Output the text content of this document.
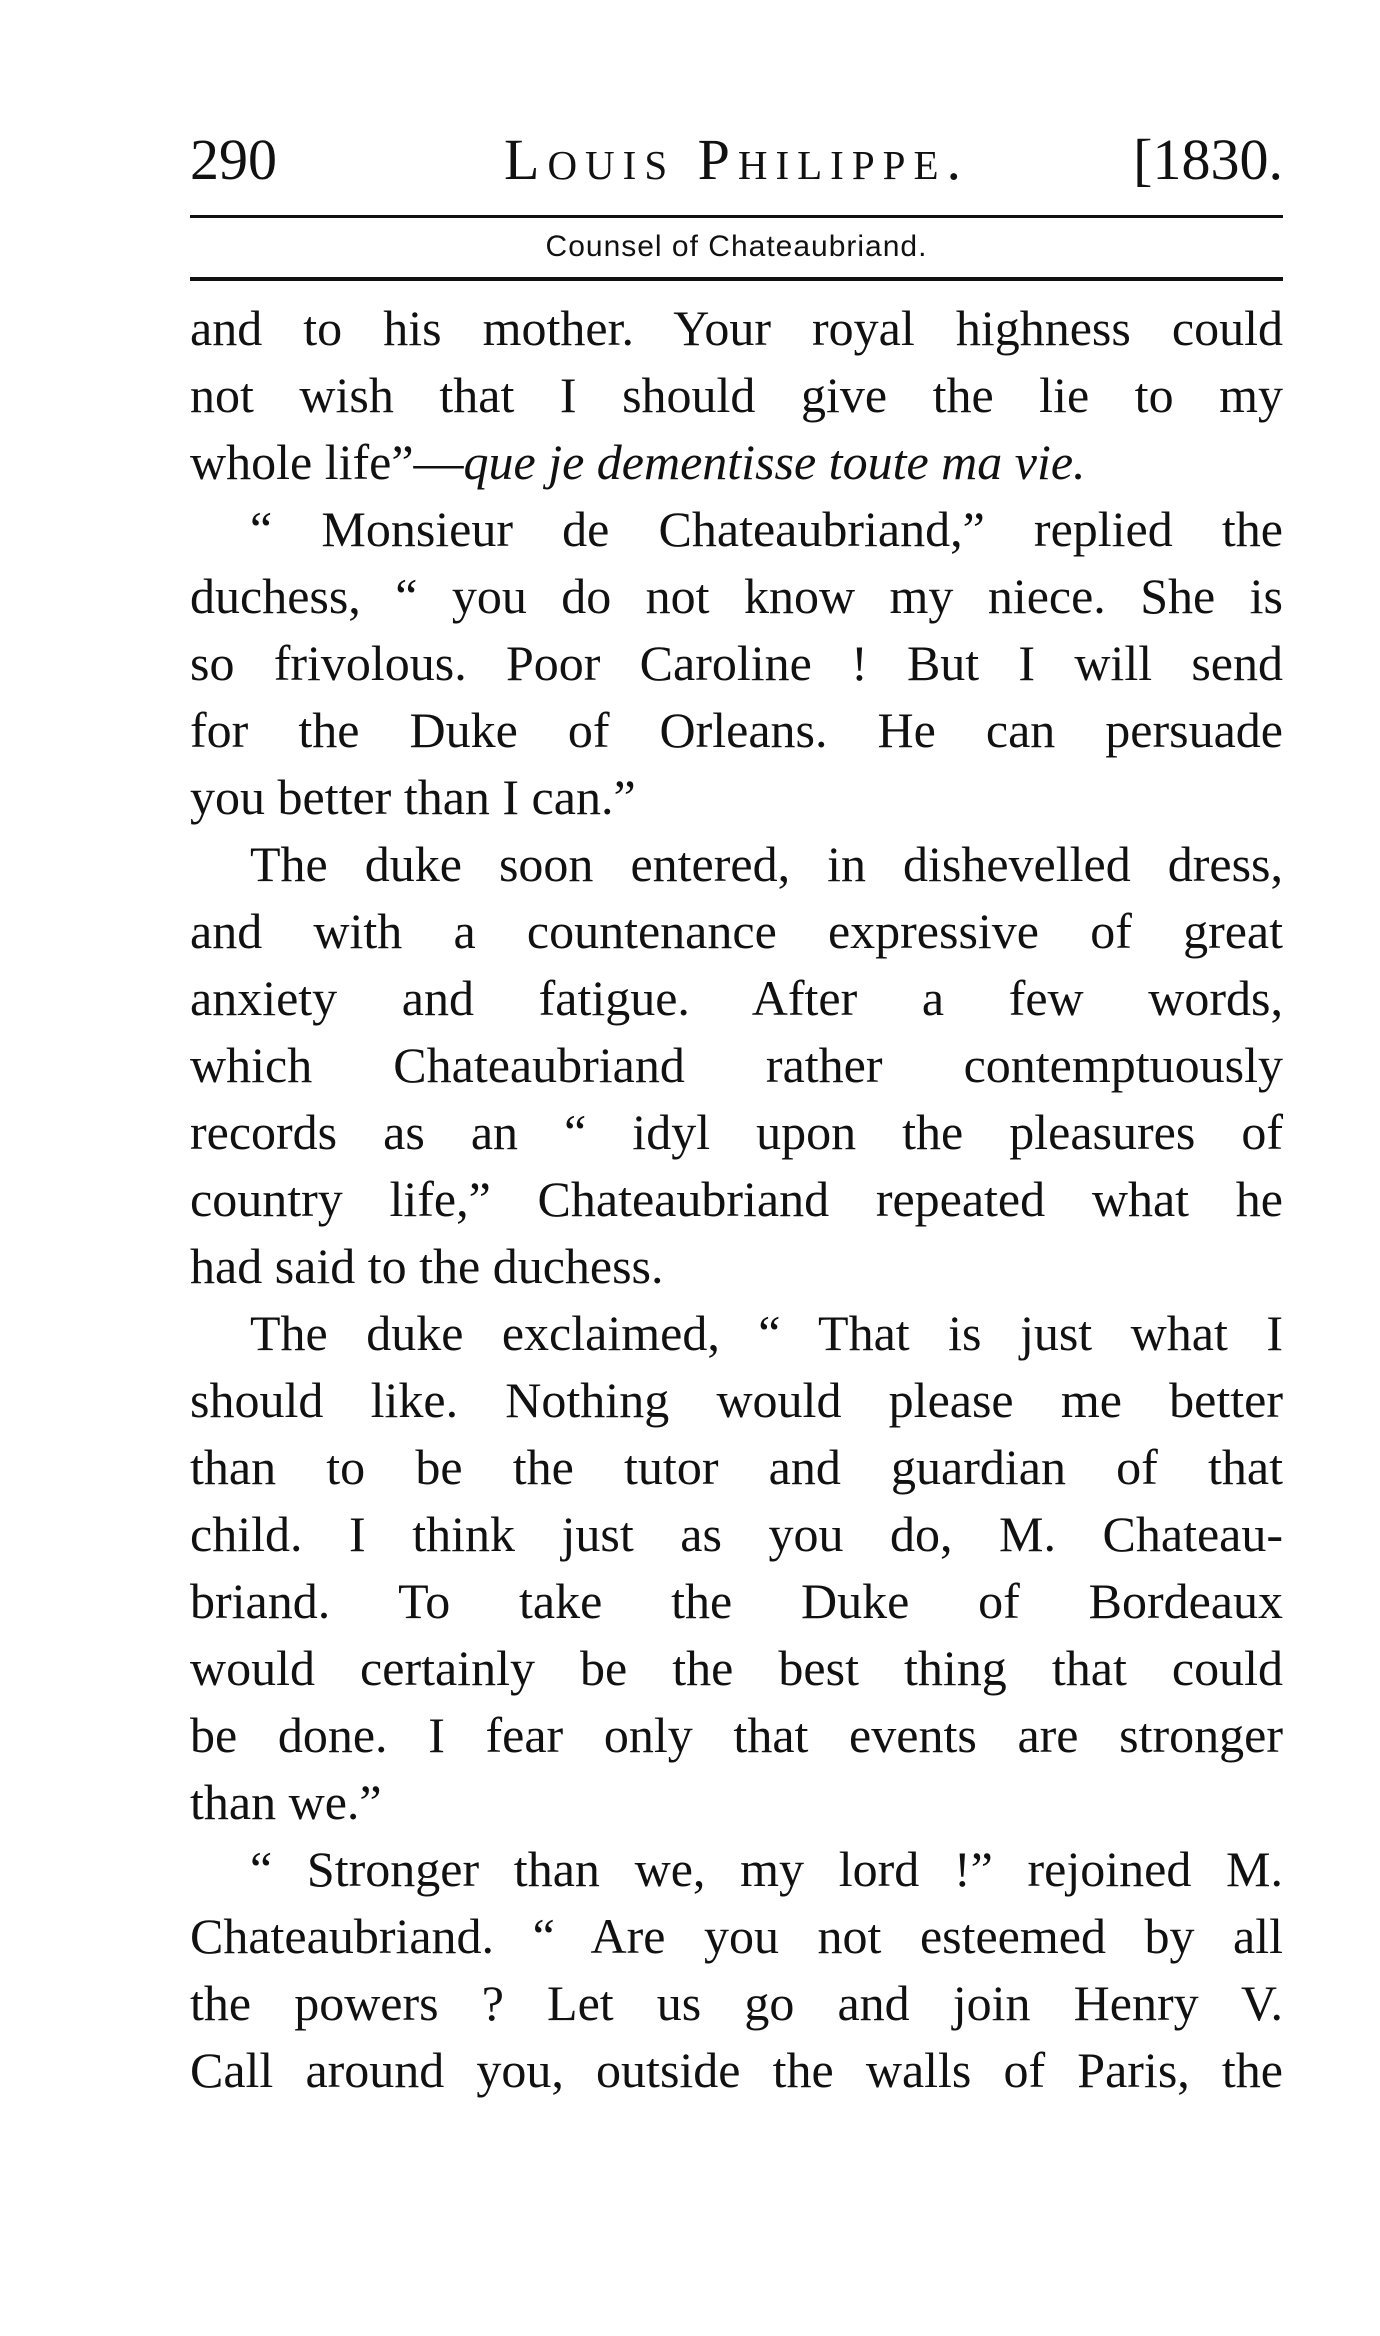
290	Louis Philippe.	[1830.
Counsel of Chateaubriand.
and to his mother. Your royal highness could
not wish that I should give the lie to my
whole life”—que je dementisse toute ma vie.
“ Monsieur de Chateaubriand,” replied the
duchess, “ you do not know my niece. She is
so frivolous. Poor Caroline ! But I will send
for the Duke of Orleans. He can persuade
you better than I can.”
The duke soon entered, in dishevelled dress,
and with a countenance expressive of great
anxiety and fatigue. After a few words,
which Chateaubriand rather contemptuously
records as an “ idyl upon the pleasures of
country life,” Chateaubriand repeated what he
had said to the duchess.
The duke exclaimed, “ That is just what I
should like. Nothing would please me better
than to be the tutor and guardian of that
child. I think just as you do, M. Chateau-
briand. To take the Duke of Bordeaux
would certainly be the best thing that could
be done. I fear only that events are stronger
than we.”
“ Stronger than we, my lord !” rejoined M.
Chateaubriand. “ Are you not esteemed by all
the powers ? Let us go and join Henry V.
Call around you, outside the walls of Paris, the
